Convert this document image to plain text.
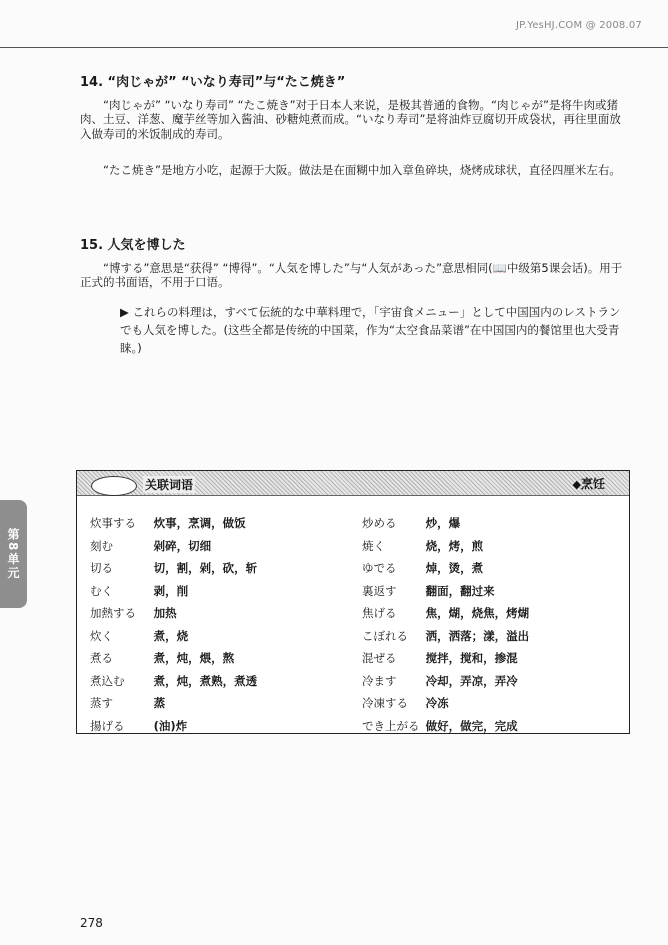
JP.YesHJ.COM @ 2008.07
14. “肉じゃが” “いなり寿司”与“たこ焼き”
“肉じゃが” “いなり寿司” “たこ焼き”对于日本人来说，是极其普通的食物。“肉じゃが”是将牛肉或猪肉、土豆、洋葱、魔芋丝等加入酱油、砂糖炖煮而成。“いなり寿司”是将油炸豆腐切开成袋状，再往里面放入做寿司的米饭制成的寿司。
“たこ焼き”是地方小吃，起源于大阪。做法是在面糊中加入章鱼碎块，烧烤成球状，直径四厘米左右。
15. 人気を博した
“博する”意思是“获得” “博得”。“人気を博した”与“人気があった”意思相同(📖中级第5课会话)。用于正式的书面语，不用于口语。
▶ これらの料理は，すべて伝統的な中華料理で，「宇宙食メニュー」として中国国内のレストランでも人気を博した。(这些全都是传统的中国菜，作为“太空食品菜谱”在中国国内的餐馆里也大受青睐。)
关联词语
◆	烹饪
炊事する 炊事，烹调，做饭
刻む	剁碎，切细
切る	切，割，剁，砍，斩
むく	剥，削
加熱する 加热
炊く	煮，烧
煮る	煮，炖，煨，熬
煮込む	煮，炖，煮熟，煮透
蒸す	蒸
揚げる	(油)炸
炒める	炒，爆
焼く	烧，烤，煎
ゆでる	焯，烫，煮
裏返す	翻面，翻过来
焦げる	焦，煳，烧焦，烤煳
こぼれる 洒，洒落；漾，溢出
混ぜる	搅拌，搅和，掺混
冷ます	冷却，弄凉，弄冷
冷凍する 冷冻
でき上がる 做好，做完，完成
第8单元
278
